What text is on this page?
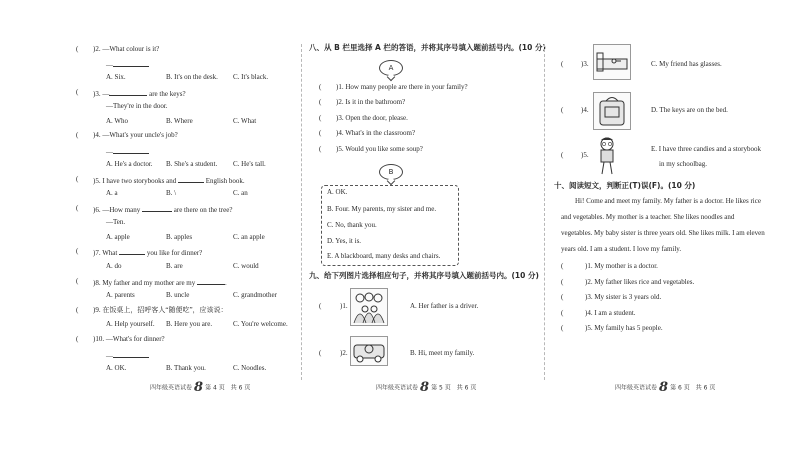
( )2. —What colour is it?
—
A. Six.	B. It's on the desk. C. It's black.
( )3. —	are the keys?
—They're in the door.
A. Who	B. Where	C. What
( )4. —What's your uncle's job?
—
A. He's a doctor. B. She's a student. C. He's tall.
( )5. I have two storybooks and	English book.
A. a	B. \	C. an
( )6. —How many	are there on the tree?
—Ten.
A. apple	B. apples	C. an apple
( )7. What	you like for dinner?
A. do	B. are	C. would
( )8. My father and my mother are my	.
A. parents	B. uncle	C. grandmother
( )9. 在饭桌上，招呼客人“随便吃”，应该说：
A. Help yourself. B. Here you are.	C. You're welcome.
( )10. —What's for dinner?
—
A. OK.	B. Thank you.	C. Noodles.
四年级英语试卷 8 第 4 页　共 6 页
八、从 B 栏里选择 A 栏的答语，并将其序号填入题前括号内。(10 分)
A
( )1. How many people are there in your family?
( )2. Is it in the bathroom?
( )3. Open the door, please.
( )4. What's in the classroom?
( )5. Would you like some soup?
B
A. OK.
B. Four. My parents, my sister and me.
C. No, thank you.
D. Yes, it is.
E. A blackboard, many desks and chairs.
九、给下列图片选择相应句子，并将其序号填入题前括号内。(10 分)
(	)1.	A. Her father is a driver.
(	)2.	B. Hi, meet my family.
四年级英语试卷 8 第 5 页　共 6 页
(	)3.	C. My friend has glasses.
(	)4.	D. The keys are on the bed.
(	)5.
E. I have three candies and a storybook
in my schoolbag.
十、阅读短文，判断正(T)误(F)。(10 分)
Hi! Come and meet my family. My father is a doctor. He likes rice
and vegetables. My mother is a teacher. She likes noodles and
vegetables. My baby sister is three years old. She likes milk. I am eleven
years old. I am a student. I love my family.
(	)1. My mother is a doctor.
(	)2. My father likes rice and vegetables.
(	)3. My sister is 3 years old.
(	)4. I am a student.
(	)5. My family has 5 people.
四年级英语试卷 8 第 6 页　共 6 页
